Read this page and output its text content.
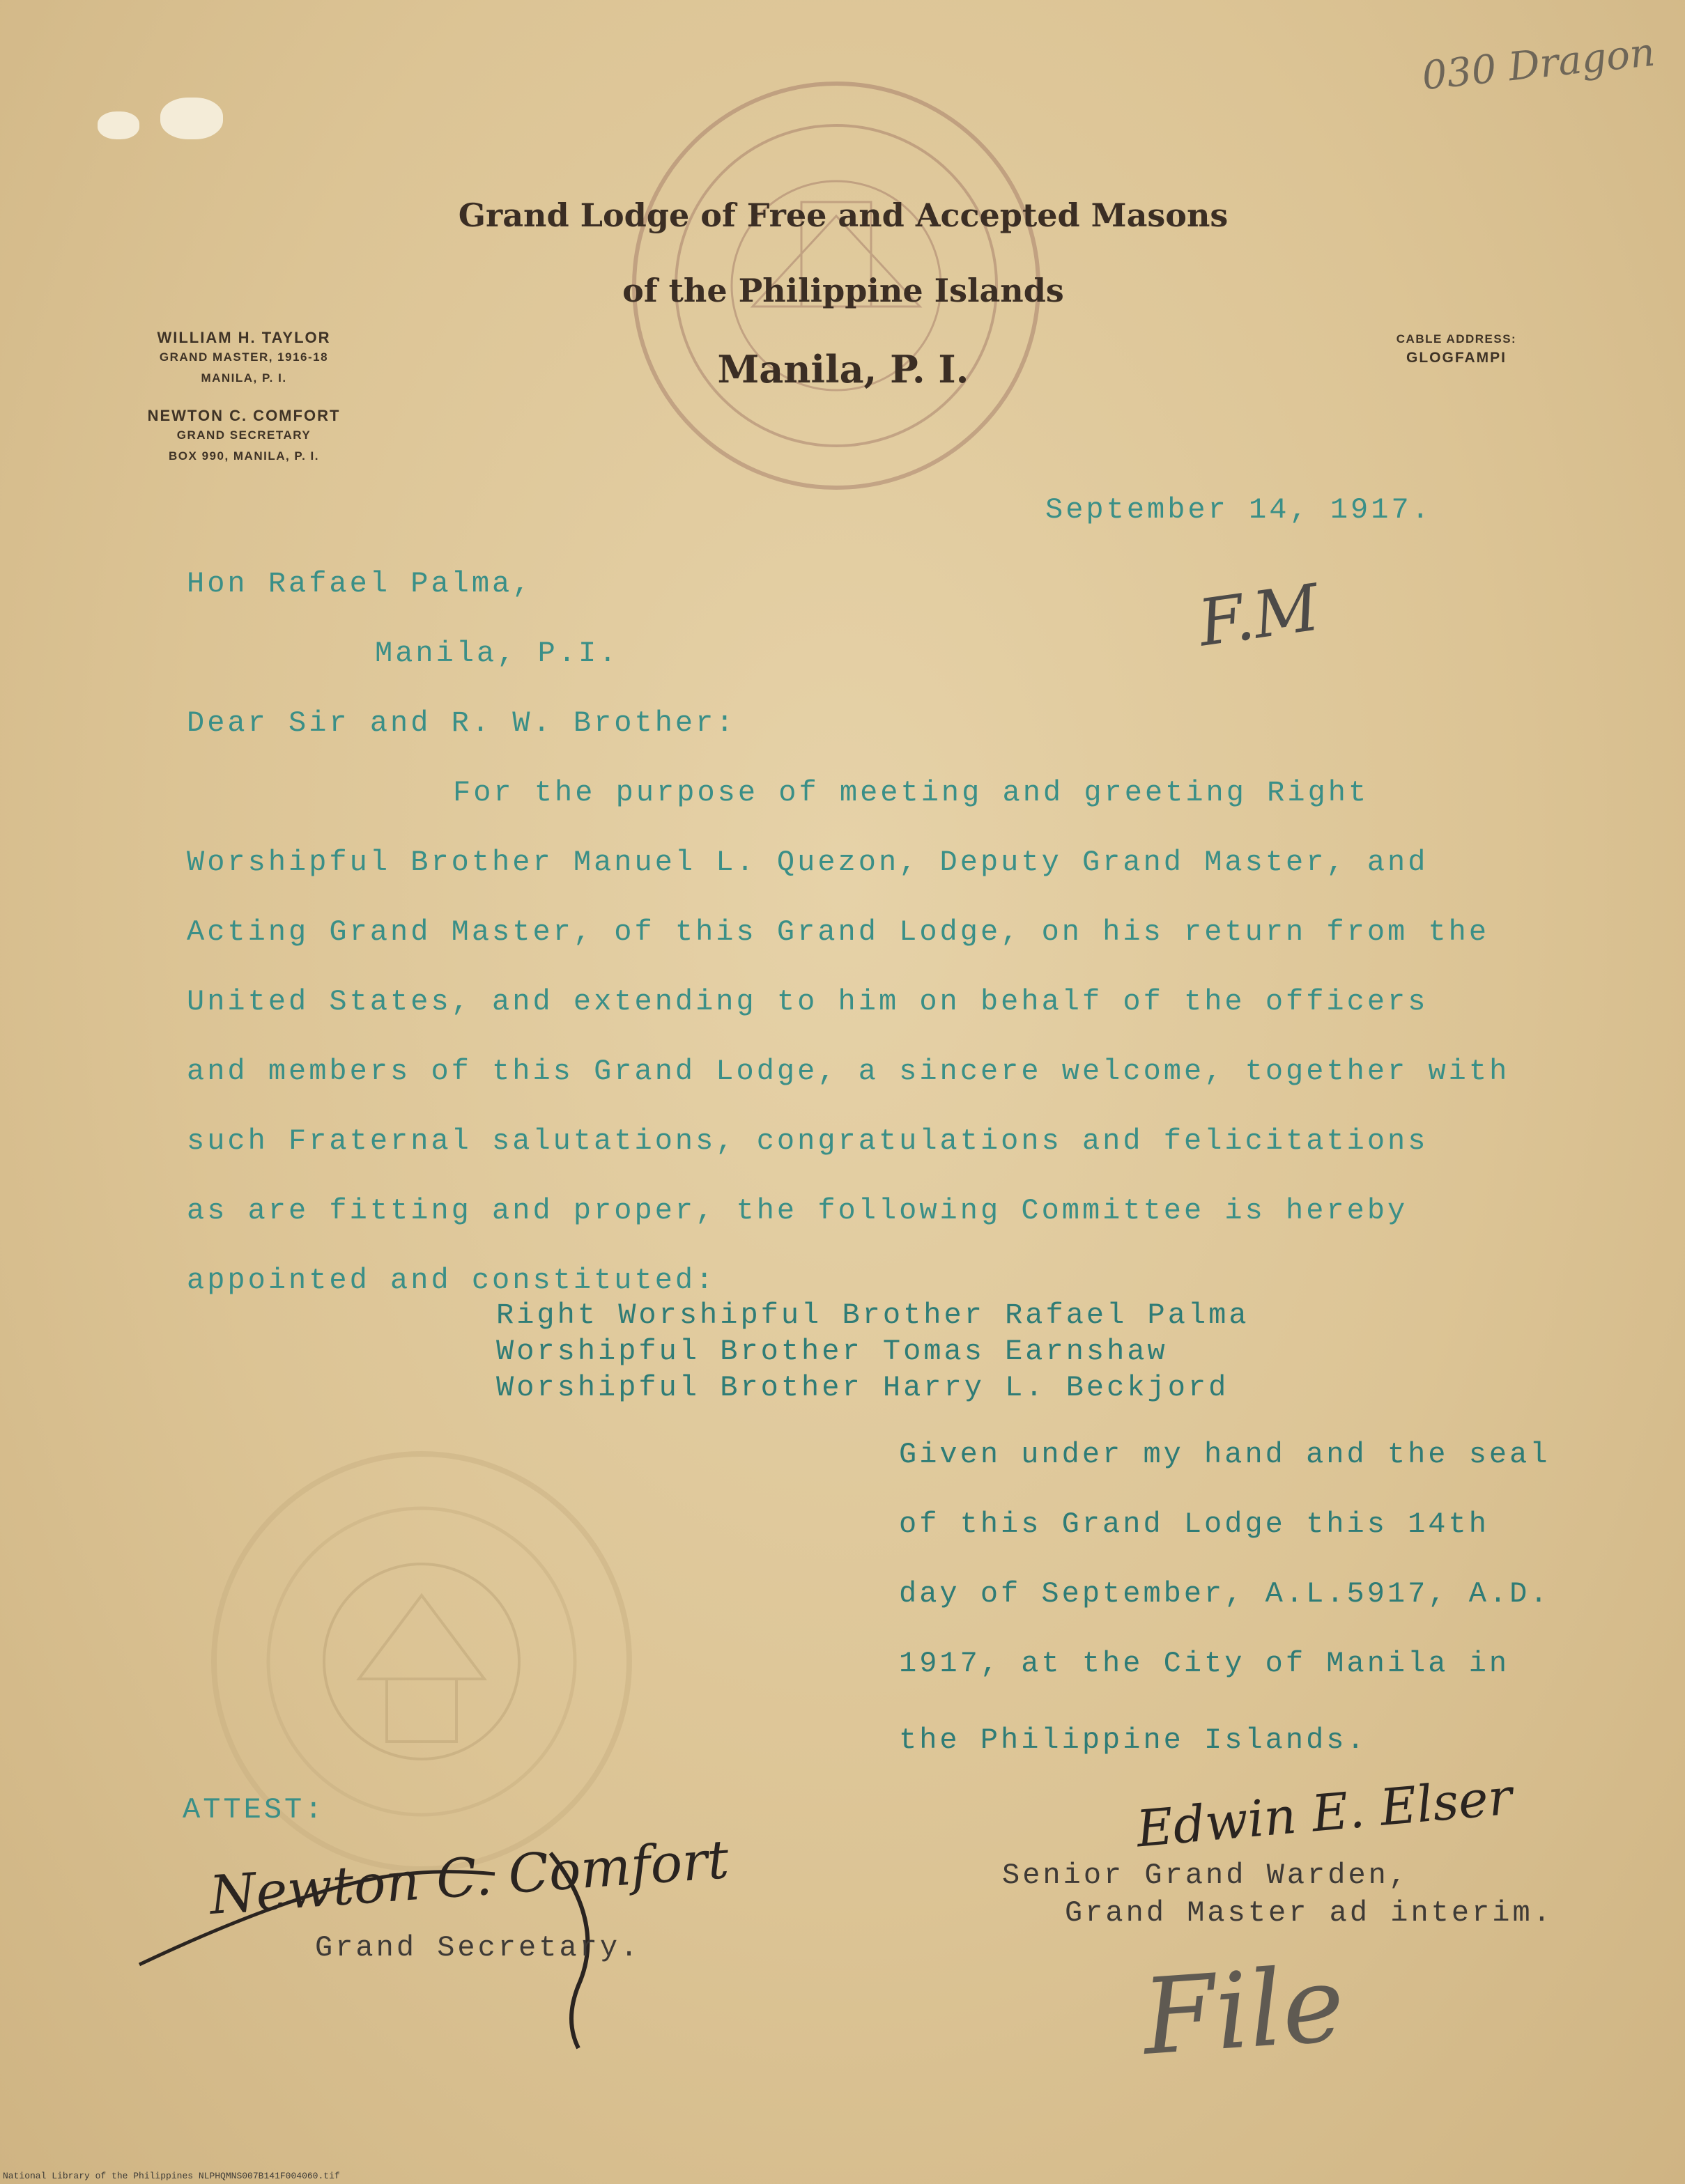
Grand Lodge of Free and Accepted Masons
of the Philippine Islands
Manila, P. I.
WILLIAM H. TAYLOR
GRAND MASTER, 1916-18
MANILA, P. I.
NEWTON C. COMFORT
GRAND SECRETARY
BOX 990, MANILA, P. I.
CABLE ADDRESS:
GLOGFAMPI
030 Dragon
September 14, 1917.
Hon Rafael Palma,
Manila, P.I.	F.M
Dear Sir and R. W. Brother:
For the purpose of meeting and greeting Right
Worshipful Brother Manuel L. Quezon, Deputy Grand Master, and
Acting Grand Master, of this Grand Lodge, on his return from the
United States, and extending to him on behalf of the officers
and members of this Grand Lodge, a sincere welcome, together with
such Fraternal salutations, congratulations and felicitations
as are fitting and proper, the following Committee is hereby
appointed and constituted:
Right Worshipful Brother Rafael Palma
Worshipful Brother Tomas Earnshaw
Worshipful Brother Harry L. Beckjord
Given under my hand and the seal
of this Grand Lodge this 14th
day of September, A.L.5917, A.D.
1917, at the City of Manila in
the Philippine Islands.
ATTEST:
Newton C. Comfort
Grand Secretary.
Edwin E. Elser
Senior Grand Warden,
Grand Master ad interim.
File
National Library of the Philippines NLPHQMNS007B141F004060.tif
